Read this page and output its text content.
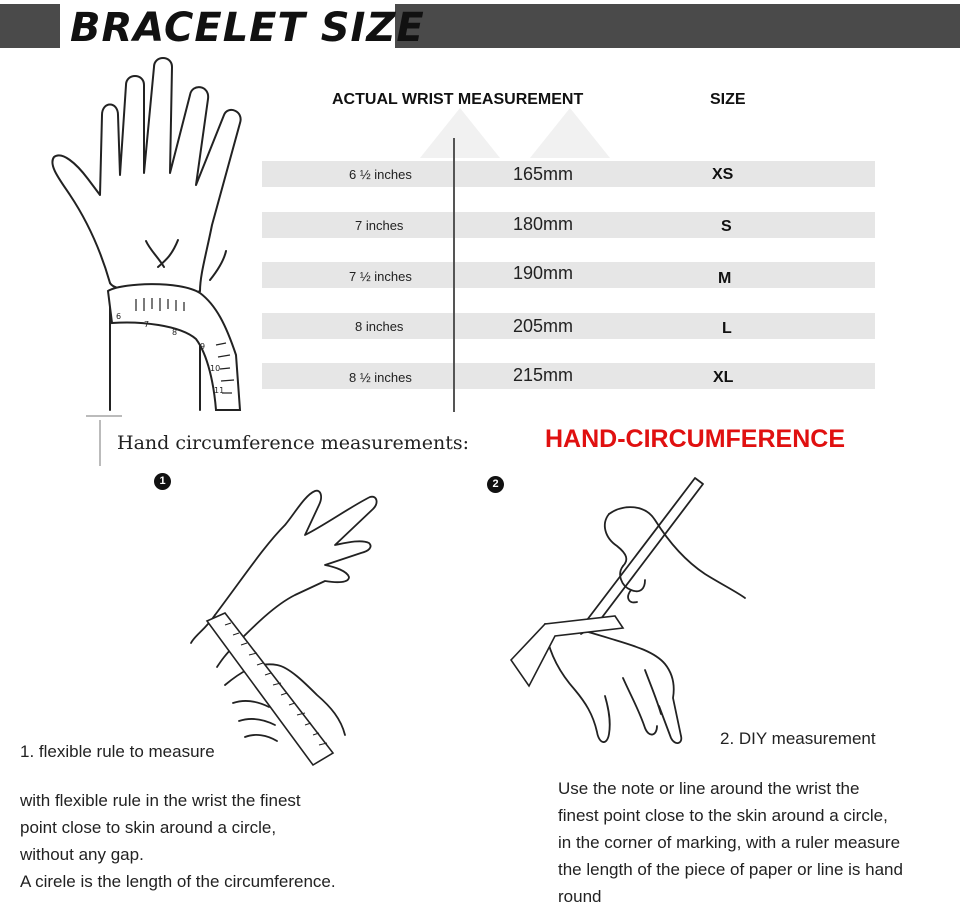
BRACELET SIZE
6
7
8
9
10
11
ACTUAL WRIST MEASUREMENT	SIZE
6 ½ inches	165mm	XS
7 inches	180mm	S
7 ½ inches	190mm	M
8 inches	205mm	L
8 ½ inches	215mm	XL
Hand circumference measurements:	HAND-CIRCUMFERENCE
1	2
1. flexible rule to measure
2. DIY measurement
with flexible rule in the wrist the finest
point close to skin around a circle,
without any gap.
A cirele is the length of the circumference.
Use the note or line around the wrist the
finest point close to the skin around a circle,
in the corner of marking, with a ruler measure
the length of the piece of paper or line is hand
round
